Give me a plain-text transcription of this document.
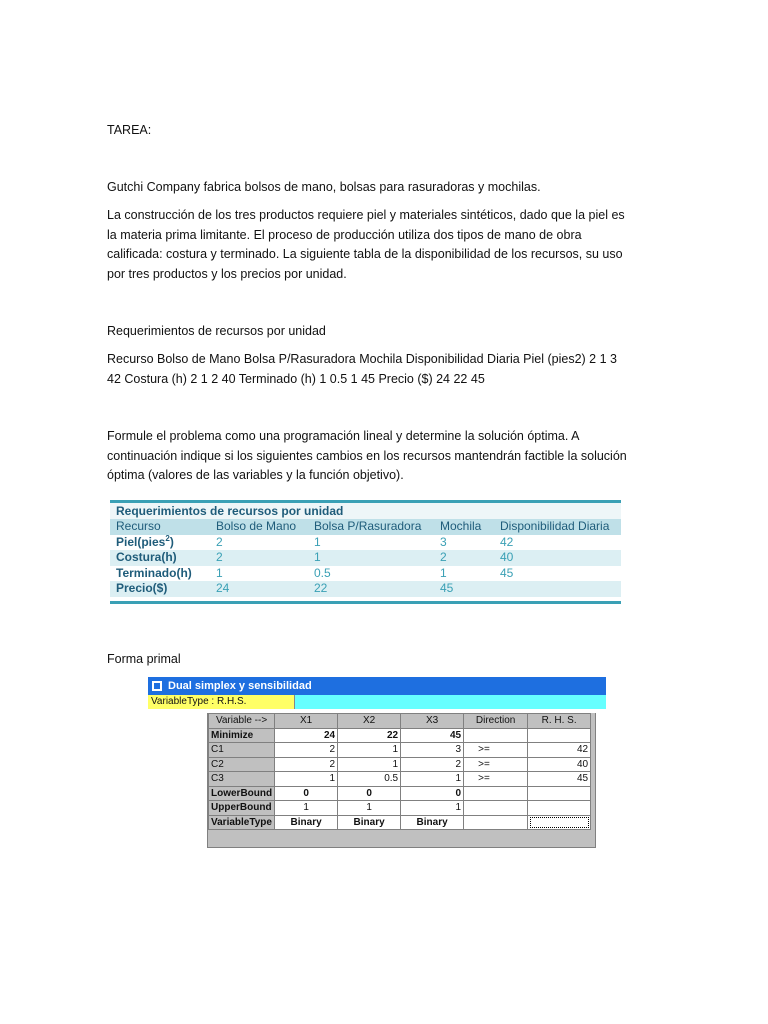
TAREA:

Gutchi Company fabrica bolsos de mano, bolsas para rasuradoras y mochilas.

La construcción de los tres productos requiere piel y materiales sintéticos, dado que la piel es la materia prima limitante. El proceso de producción utiliza dos tipos de mano de obra calificada: costura y terminado. La siguiente tabla de la disponibilidad de los recursos, su uso por tres productos y los precios por unidad.

Requerimientos de recursos por unidad

Recurso Bolso de Mano Bolsa P/Rasuradora Mochila Disponibilidad Diaria Piel (pies2) 2 1 3 42 Costura (h) 2 1 2 40 Terminado (h) 1 0.5 1 45 Precio ($) 24 22 45

Formule el problema como una programación lineal y determine la solución óptima. A continuación indique si los siguientes cambios en los recursos mantendrán factible la solución óptima (valores de las variables y la función objetivo).

Requerimientos de recursos por unidad
Recurso	Bolso de Mano	Bolsa P/Rasuradora	Mochila	Disponibilidad Diaria
Piel(pies$^2$)	2	1	3	42
Costura(h)	2	1	2	40
Terminado(h)	1	0.5	1	45
Precio($)	24	22	45

Forma primal

Dual simplex y sensibilidad
VariableType : R.H.S.
Variable -->	X1	X2	X3	Direction	R. H. S.
Minimize	24	22	45		
C1	2	1	3	>=	42
C2	2	1	2	>=	40
C3	1	0.5	1	>=	45
LowerBound	0	0	0		
UpperBound	1	1	1		
VariableType	Binary	Binary	Binary		
